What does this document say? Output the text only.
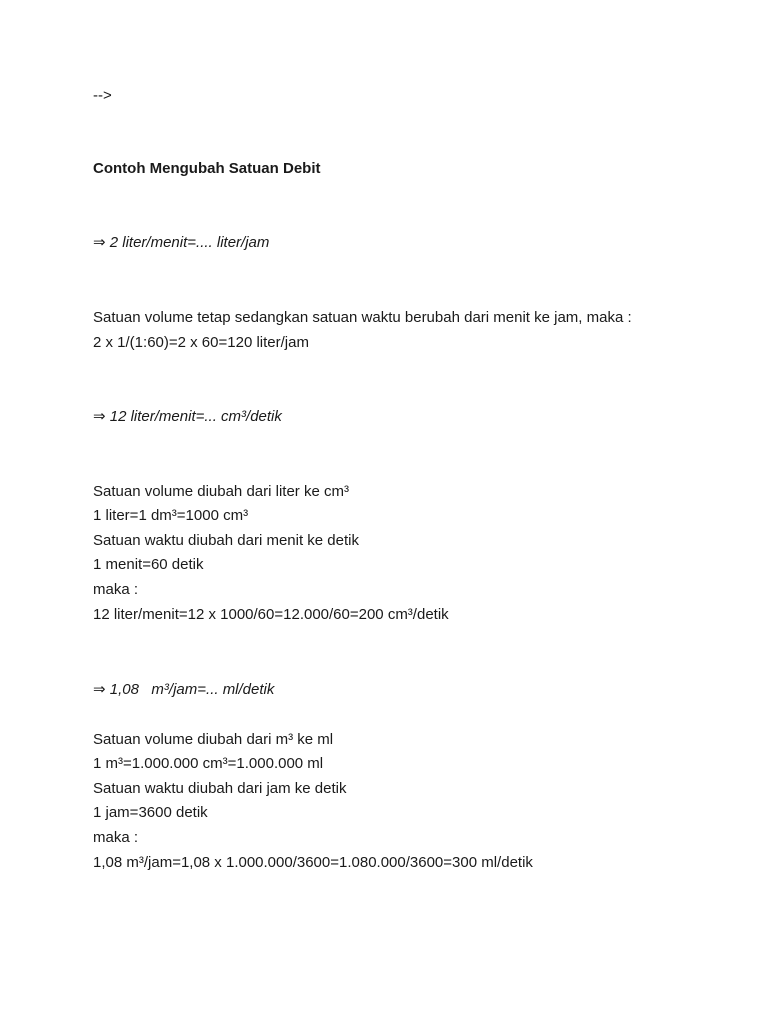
-->
Contoh Mengubah Satuan Debit
⇒ 2 liter/menit=.... liter/jam
Satuan volume tetap sedangkan satuan waktu berubah dari menit ke jam, maka :
2 x 1/(1:60)=2 x 60=120 liter/jam
⇒ 12 liter/menit=... cm³/detik
Satuan volume diubah dari liter ke cm³
1 liter=1 dm³=1000 cm³
Satuan waktu diubah dari menit ke detik
1 menit=60 detik
maka :
12 liter/menit=12 x 1000/60=12.000/60=200 cm³/detik
⇒ 1,08   m³/jam=... ml/detik
Satuan volume diubah dari m³ ke ml
1 m³=1.000.000 cm³=1.000.000 ml
Satuan waktu diubah dari jam ke detik
1 jam=3600 detik
maka :
1,08 m³/jam=1,08 x 1.000.000/3600=1.080.000/3600=300 ml/detik
